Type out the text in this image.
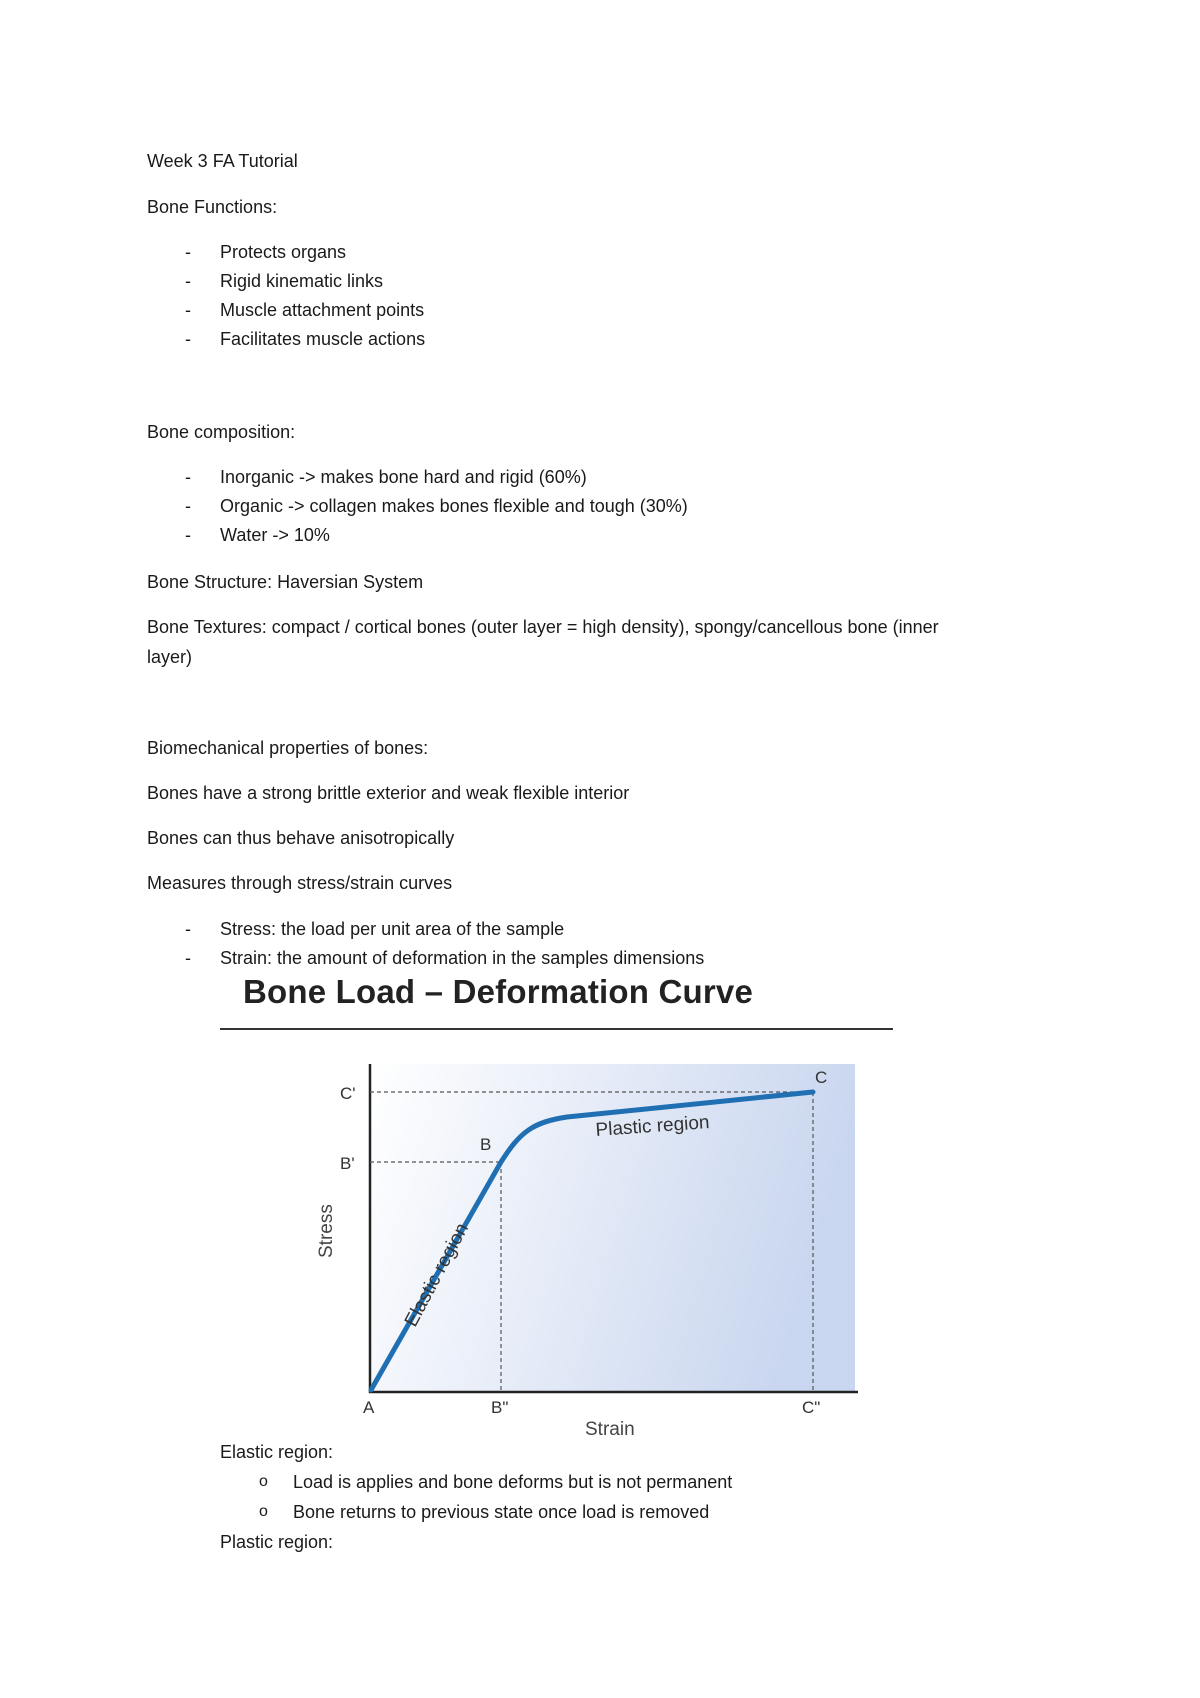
Week 3 FA Tutorial
Bone Functions:
- Protects organs
- Rigid kinematic links
- Muscle attachment points
- Facilitates muscle actions
Bone composition:
- Inorganic -> makes bone hard and rigid (60%)
- Organic -> collagen makes bones flexible and tough (30%)
- Water -> 10%
Bone Structure: Haversian System
Bone Textures: compact / cortical bones (outer layer = high density), spongy/cancellous bone (inner
layer)
Biomechanical properties of bones:
Bones have a strong brittle exterior and weak flexible interior
Bones can thus behave anisotropically
Measures through stress/strain curves
- Stress: the load per unit area of the sample
- Strain: the amount of deformation in the samples dimensions
Bone Load – Deformation Curve
C'
B'
B
C
A	B"	C"
Plastic region
Elastic region
Strain
Stress
Elastic region:
o Load is applies and bone deforms but is not permanent
o Bone returns to previous state once load is removed
Plastic region:
